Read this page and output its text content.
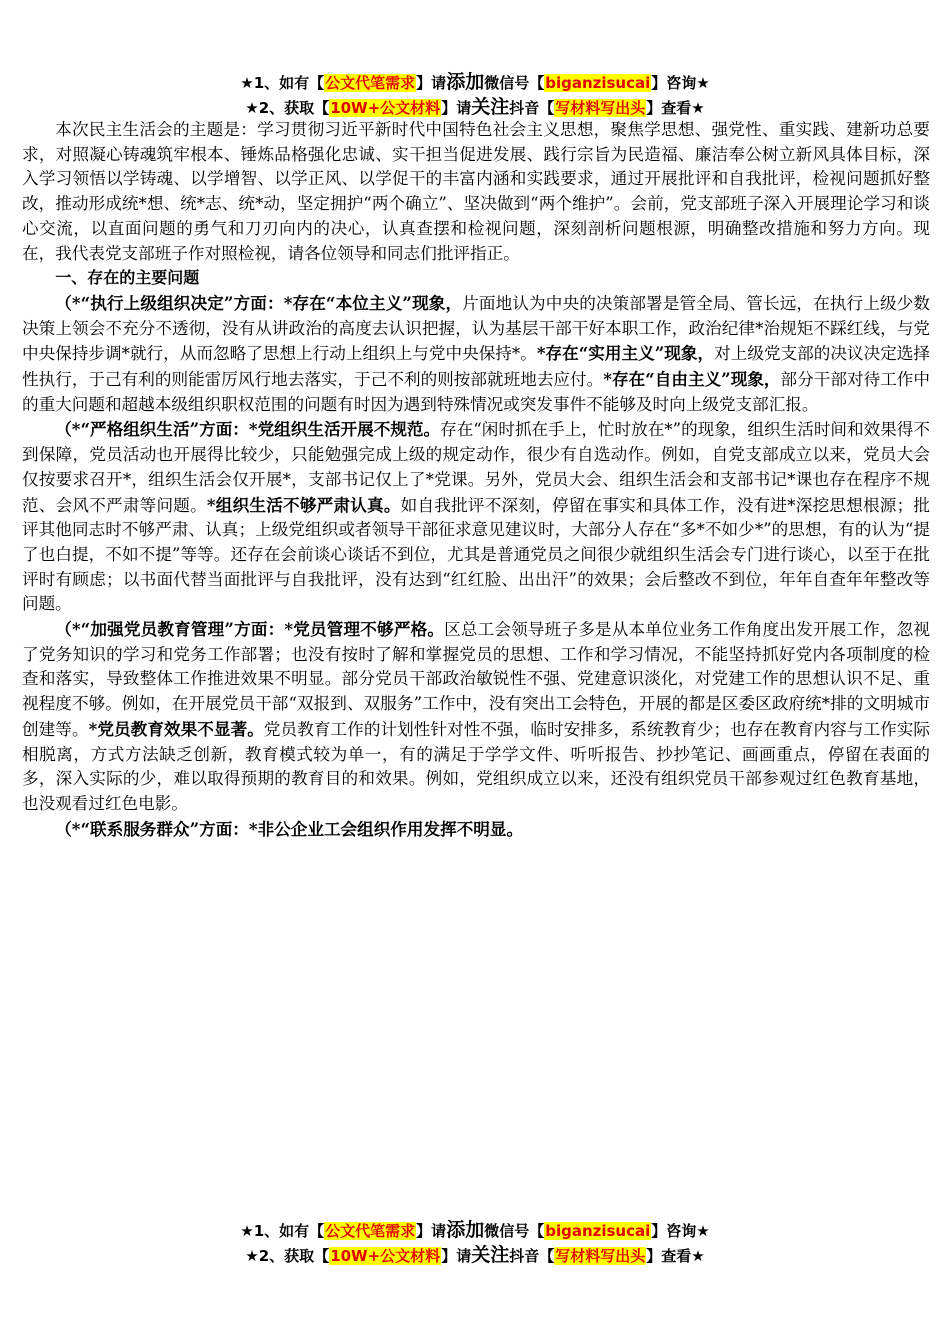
★1、如有【公文代笔需求】请添加微信号【biganzisucai】咨询★
★2、获取【10W+公文材料】请关注抖音【写材料写出头】查看★

本次民主生活会的主题是：学习贯彻习近平新时代中国特色社会主义思想，聚焦学思想、强党性、重实践、建新功总要求，对照凝心铸魂筑牢根本、锤炼品格强化忠诚、实干担当促进发展、践行宗旨为民造福、廉洁奉公树立新风具体目标，深入学习领悟以学铸魂、以学增智、以学正风、以学促干的丰富内涵和实践要求，通过开展批评和自我批评，检视问题抓好整改，推动形成统*想、统*志、统*动，坚定拥护“两个确立”、坚决做到“两个维护”。会前，党支部班子深入开展理论学习和谈心交流，以直面问题的勇气和刀刃向内的决心，认真查摆和检视问题，深刻剖析问题根源，明确整改措施和努力方向。现在，我代表党支部班子作对照检视，请各位领导和同志们批评指正。

一、存在的主要问题

（*“执行上级组织决定”方面：*存在“本位主义”现象，片面地认为中央的决策部署是管全局、管长远，在执行上级少数决策上领会不充分不透彻，没有从讲政治的高度去认识把握，认为基层干部干好本职工作，政治纪律*治规矩不踩红线，与党中央保持步调*就行，从而忽略了思想上行动上组织上与党中央保持*。*存在“实用主义”现象，对上级党支部的决议决定选择性执行，于己有利的则能雷厉风行地去落实，于己不利的则按部就班地去应付。*存在“自由主义”现象，部分干部对待工作中的重大问题和超越本级组织职权范围的问题有时因为遇到特殊情况或突发事件不能够及时向上级党支部汇报。

（*“严格组织生活”方面：*党组织生活开展不规范。存在“闲时抓在手上，忙时放在*”的现象，组织生活时间和效果得不到保障，党员活动也开展得比较少，只能勉强完成上级的规定动作，很少有自选动作。例如，自党支部成立以来，党员大会仅按要求召开*，组织生活会仅开展*，支部书记仅上了*党课。另外，党员大会、组织生活会和支部书记*课也存在程序不规范、会风不严肃等问题。*组织生活不够严肃认真。如自我批评不深刻，停留在事实和具体工作，没有进*深挖思想根源；批评其他同志时不够严肃、认真；上级党组织或者领导干部征求意见建议时，大部分人存在“多*不如少*”的思想，有的认为“提了也白提，不如不提”等等。还存在会前谈心谈话不到位，尤其是普通党员之间很少就组织生活会专门进行谈心，以至于在批评时有顾虑；以书面代替当面批评与自我批评，没有达到“红红脸、出出汗”的效果；会后整改不到位，年年自查年年整改等问题。

（*“加强党员教育管理”方面：*党员管理不够严格。区总工会领导班子多是从本单位业务工作角度出发开展工作，忽视了党务知识的学习和党务工作部署；也没有按时了解和掌握党员的思想、工作和学习情况，不能坚持抓好党内各项制度的检查和落实，导致整体工作推进效果不明显。部分党员干部政治敏锐性不强、党建意识淡化，对党建工作的思想认识不足、重视程度不够。例如，在开展党员干部“双报到、双服务”工作中，没有突出工会特色，开展的都是区委区政府统*排的文明城市创建等。*党员教育效果不显著。党员教育工作的计划性针对性不强，临时安排多，系统教育少；也存在教育内容与工作实际相脱离，方式方法缺乏创新，教育模式较为单一，有的满足于学学文件、听听报告、抄抄笔记、画画重点，停留在表面的多，深入实际的少，难以取得预期的教育目的和效果。例如，党组织成立以来，还没有组织党员干部参观过红色教育基地，也没观看过红色电影。

（*“联系服务群众”方面：*非公企业工会组织作用发挥不明显。

★1、如有【公文代笔需求】请添加微信号【biganzisucai】咨询★
★2、获取【10W+公文材料】请关注抖音【写材料写出头】查看★
